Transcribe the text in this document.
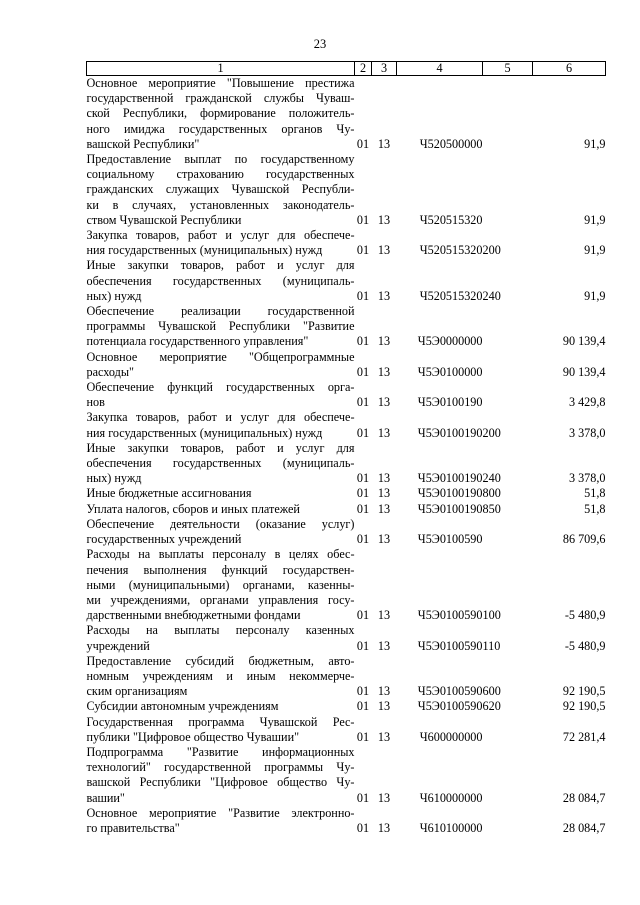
23
1	2	3	4	5	6

Основное мероприятие "Повышение престижа
государственной гражданской службы Чуваш-
ской Республики, формирование положитель-
ного имиджа государственных органов Чу-
вашской Республики"	01	13	Ч520500000		91,9

Предоставление выплат по государственному
социальному страхованию государственных
гражданских служащих Чувашской Республи-
ки в случаях, установленных законодатель-
ством Чувашской Республики	01	13	Ч520515320		91,9

Закупка товаров, работ и услуг для обеспече-
ния государственных (муниципальных) нужд	01	13	Ч520515320	200	91,9

Иные закупки товаров, работ и услуг для
обеспечения государственных (муниципаль-
ных) нужд	01	13	Ч520515320	240	91,9

Обеспечение реализации государственной
программы Чувашской Республики "Развитие
потенциала государственного управления"	01	13	Ч5Э0000000		90 139,4

Основное мероприятие "Общепрограммные
расходы"	01	13	Ч5Э0100000		90 139,4

Обеспечение функций государственных орга-
нов	01	13	Ч5Э0100190		3 429,8

Закупка товаров, работ и услуг для обеспече-
ния государственных (муниципальных) нужд	01	13	Ч5Э0100190	200	3 378,0

Иные закупки товаров, работ и услуг для
обеспечения государственных (муниципаль-
ных) нужд	01	13	Ч5Э0100190	240	3 378,0

Иные бюджетные ассигнования	01	13	Ч5Э0100190	800	51,8

Уплата налогов, сборов и иных платежей	01	13	Ч5Э0100190	850	51,8

Обеспечение деятельности (оказание услуг)
государственных учреждений	01	13	Ч5Э0100590		86 709,6

Расходы на выплаты персоналу в целях обес-
печения выполнения функций государствен-
ными (муниципальными) органами, казенны-
ми учреждениями, органами управления госу-
дарственными внебюджетными фондами	01	13	Ч5Э0100590	100	-5 480,9

Расходы на выплаты персоналу казенных
учреждений	01	13	Ч5Э0100590	110	-5 480,9

Предоставление субсидий бюджетным, авто-
номным учреждениям и иным некоммерче-
ским организациям	01	13	Ч5Э0100590	600	92 190,5

Субсидии автономным учреждениям	01	13	Ч5Э0100590	620	92 190,5

Государственная программа Чувашской Рес-
публики "Цифровое общество Чувашии"	01	13	Ч600000000		72 281,4

Подпрограмма "Развитие информационных
технологий" государственной программы Чу-
вашской Республики "Цифровое общество Чу-
вашии"	01	13	Ч610000000		28 084,7

Основное мероприятие "Развитие электронно-
го правительства"	01	13	Ч610100000		28 084,7
